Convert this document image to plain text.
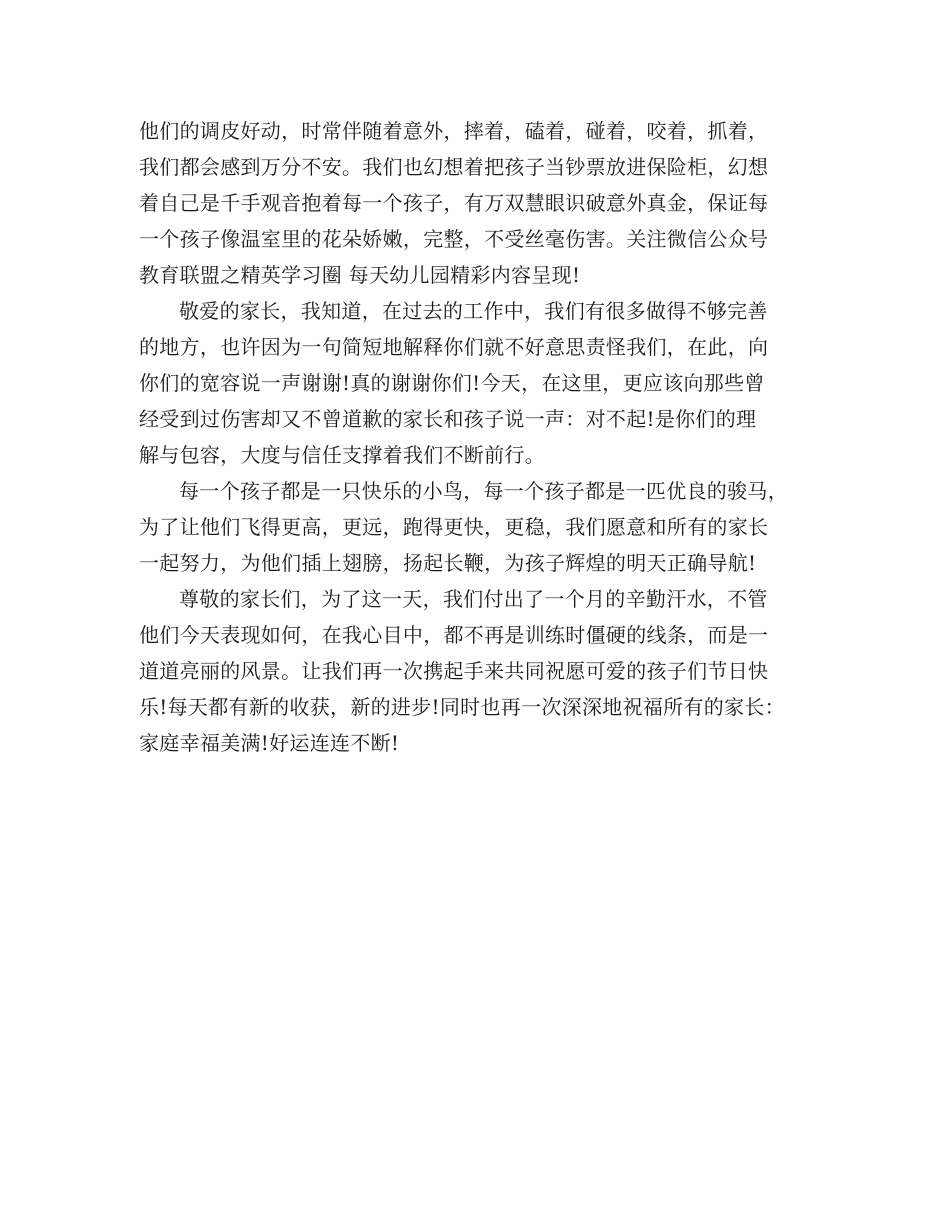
他们的调皮好动，时常伴随着意外，摔着，磕着，碰着，咬着，抓着，
我们都会感到万分不安。我们也幻想着把孩子当钞票放进保险柜，幻想
着自己是千手观音抱着每一个孩子，有万双慧眼识破意外真金，保证每
一个孩子像温室里的花朵娇嫩，完整，不受丝毫伤害。关注微信公众号
教育联盟之精英学习圈 每天幼儿园精彩内容呈现!

敬爱的家长，我知道，在过去的工作中，我们有很多做得不够完善
的地方，也许因为一句简短地解释你们就不好意思责怪我们，在此，向
你们的宽容说一声谢谢!真的谢谢你们!今天，在这里，更应该向那些曾
经受到过伤害却又不曾道歉的家长和孩子说一声：对不起!是你们的理
解与包容，大度与信任支撑着我们不断前行。

每一个孩子都是一只快乐的小鸟，每一个孩子都是一匹优良的骏马，
为了让他们飞得更高，更远，跑得更快，更稳，我们愿意和所有的家长
一起努力，为他们插上翅膀，扬起长鞭，为孩子辉煌的明天正确导航!

尊敬的家长们，为了这一天，我们付出了一个月的辛勤汗水，不管
他们今天表现如何，在我心目中，都不再是训练时僵硬的线条，而是一
道道亮丽的风景。让我们再一次携起手来共同祝愿可爱的孩子们节日快
乐!每天都有新的收获，新的进步!同时也再一次深深地祝福所有的家长：
家庭幸福美满!好运连连不断!
